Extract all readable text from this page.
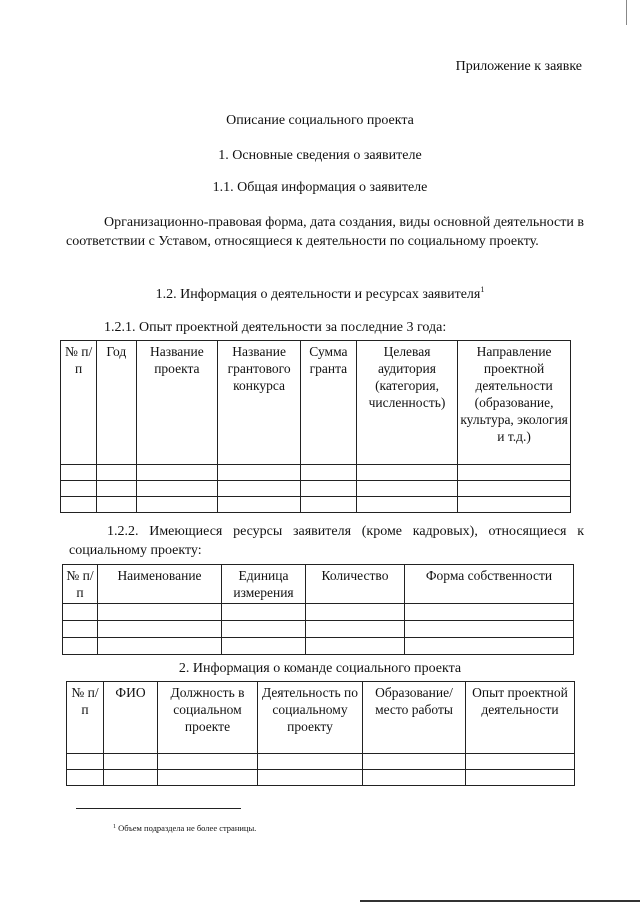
Приложение к заявке
Описание социального проекта
1. Основные сведения о заявителе
1.1. Общая информация о заявителе
Организационно-правовая форма, дата создания, виды основной деятельности в соответствии с Уставом, относящиеся к деятельности по социальному проекту.
1.2. Информация о деятельности и ресурсах заявителя$^1$
1.2.1. Опыт проектной деятельности за последние 3 года:
№ п/п	Год	Название проекта	Название грантового конкурса	Сумма гранта	Целевая аудитория (категория, численность)	Направление проектной деятельности (образование, культура, экология и т.д.)

1.2.2. Имеющиеся ресурсы заявителя (кроме кадровых), относящиеся к социальному проекту:
№ п/п	Наименование	Единица измерения	Количество	Форма собственности

2. Информация о команде социального проекта
№ п/п	ФИО	Должность в социальном проекте	Деятельность по социальному проекту	Образование/ место работы	Опыт проектной деятельности

$^1$ Объем подраздела не более страницы.
